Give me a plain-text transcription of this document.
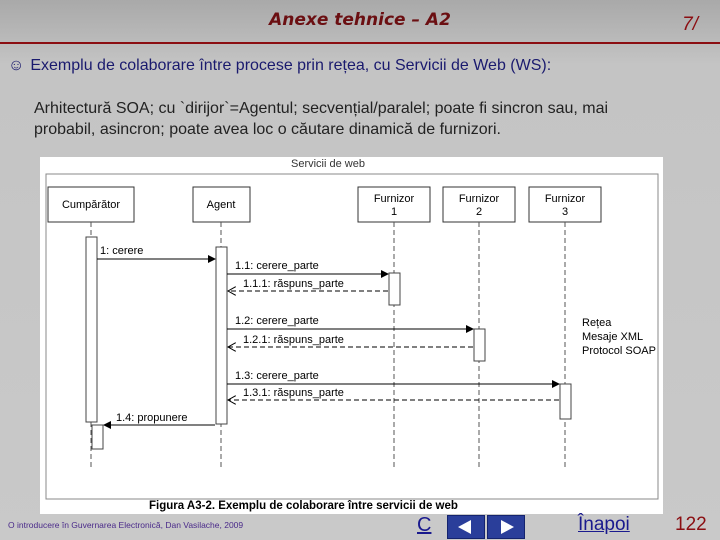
Anexe tehnice – A2	7/
☺ Exemplu de colaborare între procese prin rețea, cu Servicii de Web (WS):
Arhitectură SOA; cu `dirijor`=Agentul; secvențial/paralel; poate fi sincron sau, mai
probabil, asincron; poate avea loc o căutare dinamică de furnizori.
Servicii de web
Cumpărător	Agent	Furnizor
1
Furnizor
2
Furnizor
3
1: cerere
1.1: cerere_parte
1.1.1: răspuns_parte
1.2: cerere_parte
1.2.1: răspuns_parte
1.3: cerere_parte
1.3.1: răspuns_parte
1.4: propunere
Rețea
Mesaje XML
Protocol SOAP
Figura A3-2. Exemplu de colaborare între servicii de web
O introducere în Guvernarea Electronică, Dan Vasilache, 2009	C	Înapoi 122
